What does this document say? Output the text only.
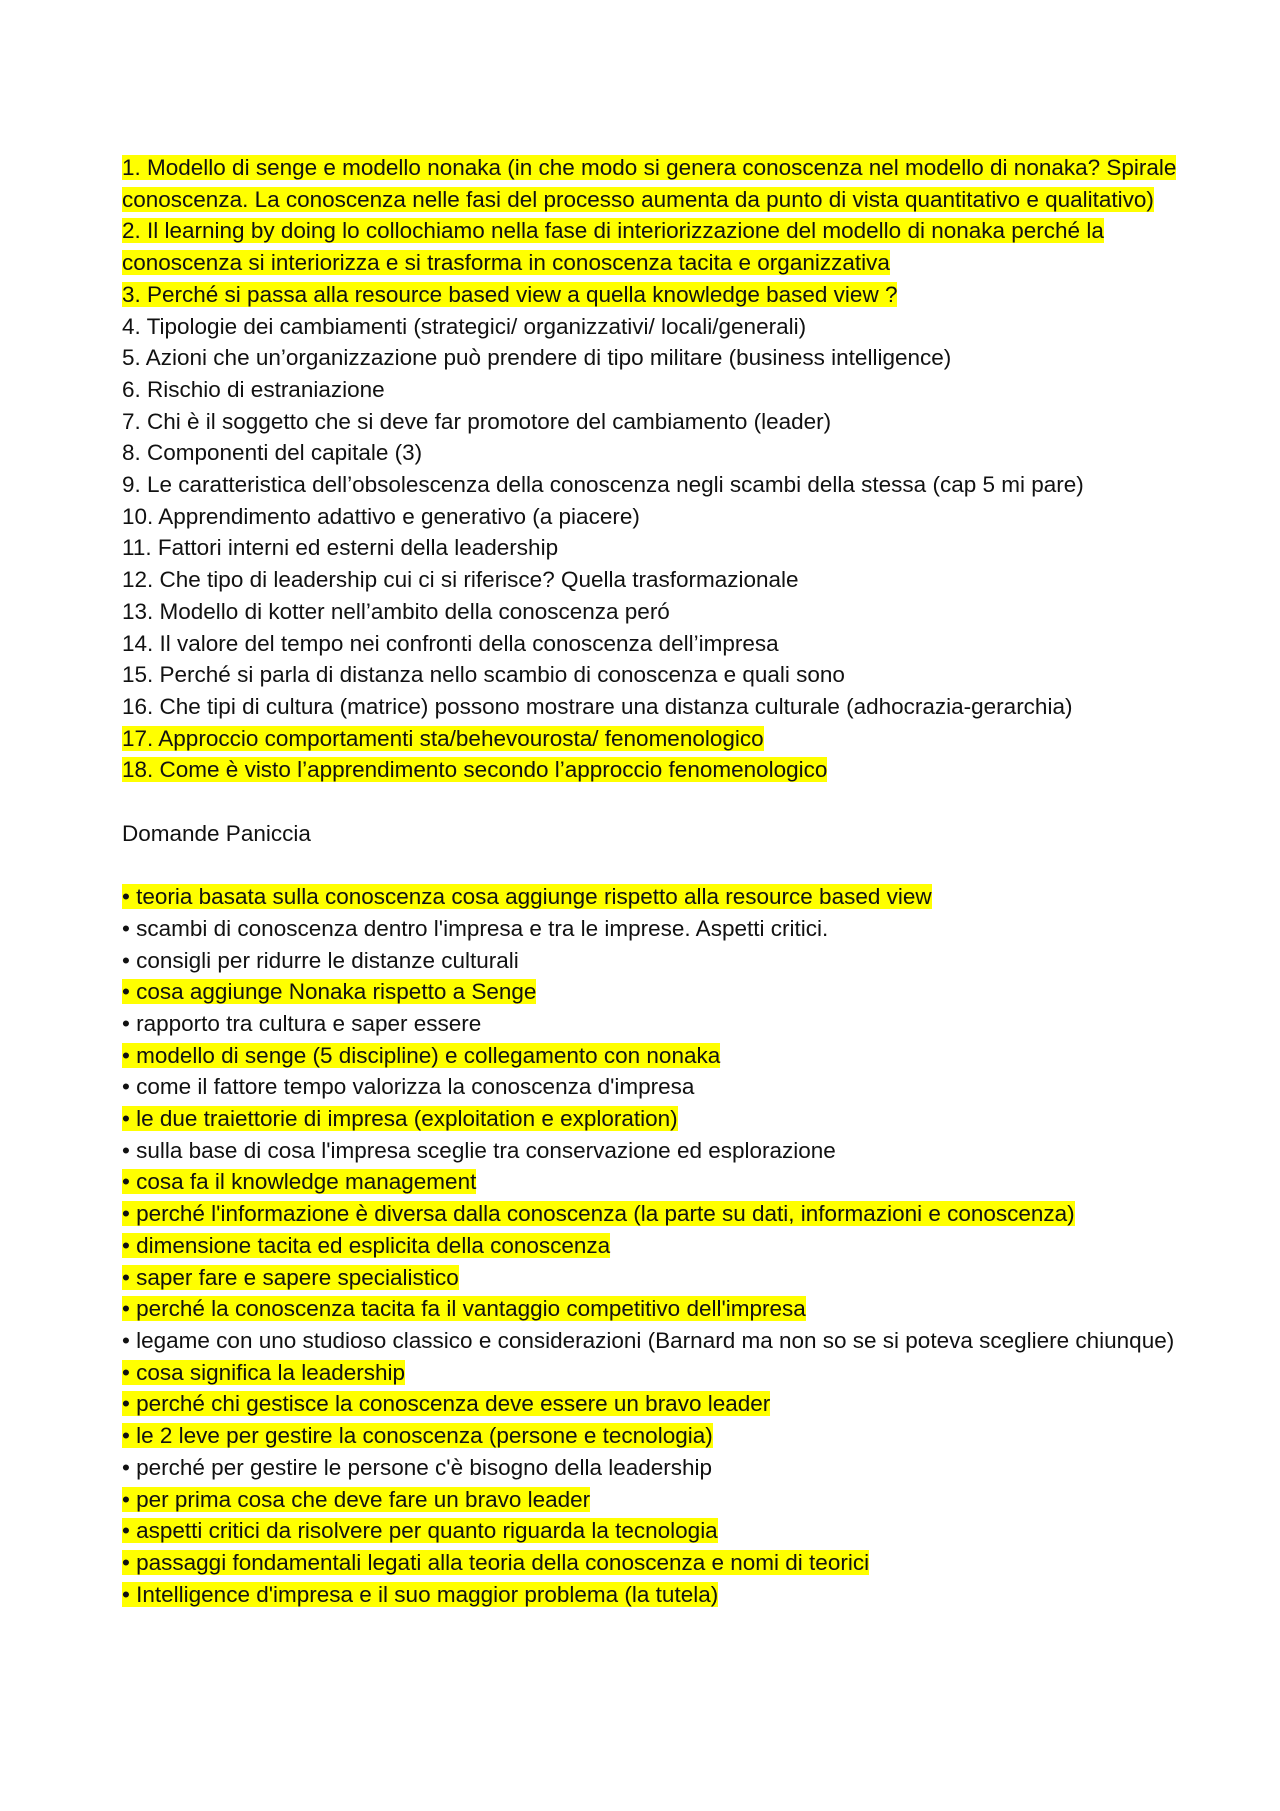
1. Modello di senge e modello nonaka (in che modo si genera conoscenza nel modello di nonaka? Spirale conoscenza. La conoscenza nelle fasi del processo aumenta da punto di vista quantitativo e qualitativo)

2. Il learning by doing lo collochiamo nella fase di interiorizzazione del modello di nonaka perché la conoscenza si interiorizza e si trasforma in conoscenza tacita e organizzativa

3. Perché si passa alla resource based view a quella knowledge based view ?

4. Tipologie dei cambiamenti (strategici/ organizzativi/ locali/generali)

5. Azioni che un’organizzazione può prendere di tipo militare (business intelligence)

6. Rischio di estraniazione

7. Chi è il soggetto che si deve far promotore del cambiamento (leader)

8. Componenti del capitale (3)

9. Le caratteristica dell’obsolescenza della conoscenza negli scambi della stessa (cap 5 mi pare)

10. Apprendimento adattivo e generativo (a piacere)

11. Fattori interni ed esterni della leadership

12. Che tipo di leadership cui ci si riferisce? Quella trasformazionale

13. Modello di kotter nell’ambito della conoscenza peró

14. Il valore del tempo nei confronti della conoscenza dell’impresa

15. Perché si parla di distanza nello scambio di conoscenza e quali sono

16. Che tipi di cultura (matrice) possono mostrare una distanza culturale (adhocrazia-gerarchia)

17. Approccio comportamenti sta/behevourosta/ fenomenologico

18. Come è visto l’apprendimento secondo l’approccio fenomenologico

Domande Paniccia

• teoria basata sulla conoscenza cosa aggiunge rispetto alla resource based view

• scambi di conoscenza dentro l'impresa e tra le imprese. Aspetti critici.

• consigli per ridurre le distanze culturali

• cosa aggiunge Nonaka rispetto a Senge

• rapporto tra cultura e saper essere

• modello di senge (5 discipline) e collegamento con nonaka

• come il fattore tempo valorizza la conoscenza d'impresa

• le due traiettorie di impresa (exploitation e exploration)

• sulla base di cosa l'impresa sceglie tra conservazione ed esplorazione

• cosa fa il knowledge management

• perché l'informazione è diversa dalla conoscenza (la parte su dati, informazioni e conoscenza)

• dimensione tacita ed esplicita della conoscenza

• saper fare e sapere specialistico

• perché la conoscenza tacita fa il vantaggio competitivo dell'impresa

• legame con uno studioso classico e considerazioni (Barnard ma non so se si poteva scegliere chiunque)

• cosa significa la leadership

• perché chi gestisce la conoscenza deve essere un bravo leader

• le 2 leve per gestire la conoscenza (persone e tecnologia)

• perché per gestire le persone c'è bisogno della leadership

• per prima cosa che deve fare un bravo leader

• aspetti critici da risolvere per quanto riguarda la tecnologia

• passaggi fondamentali legati alla teoria della conoscenza e nomi di teorici

• Intelligence d'impresa e il suo maggior problema (la tutela)
